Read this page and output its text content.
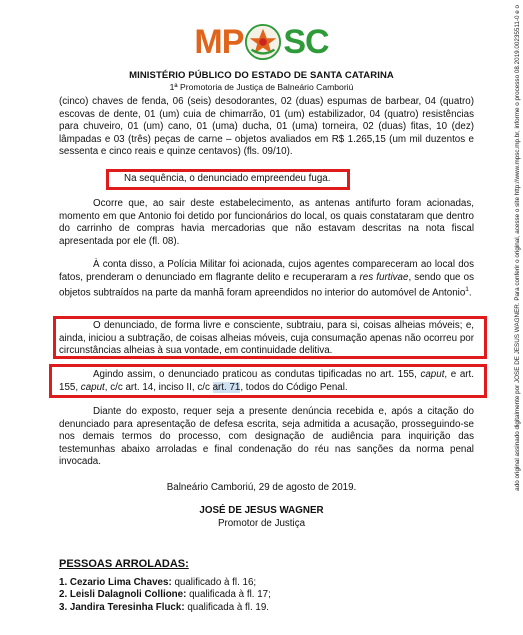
MP SC
MINISTÉRIO PÚBLICO DO ESTADO DE SANTA CATARINA
1ª Promotoria de Justiça de Balneário Camboriú
(cinco) chaves de fenda, 06 (seis) desodorantes, 02 (duas) espumas de barbear, 04 (quatro) escovas de dente, 01 (um) cuia de chimarrão, 01 (um) estabilizador, 04 (quatro) resistências para chuveiro, 01 (um) cano, 01 (uma) ducha, 01 (uma) torneira, 02 (duas) fitas, 10 (dez) lâmpadas e 03 (três) peças de carne – objetos avaliados em R$ 1.265,15 (um mil duzentos e sessenta e cinco reais e quinze centavos) (fls. 09/10).
Na sequência, o denunciado empreendeu fuga.
Ocorre que, ao sair deste estabelecimento, as antenas antifurto foram acionadas, momento em que Antonio foi detido por funcionários do local, os quais constataram que dentro do carrinho de compras havia mercadorias que não estavam descritas na nota fiscal apresentada por ele (fl. 08).
À conta disso, a Polícia Militar foi acionada, cujos agentes compareceram ao local dos fatos, prenderam o denunciado em flagrante delito e recuperaram a res furtivae, sendo que os objetos subtraídos na parte da manhã foram apreendidos no interior do automóvel de Antonio$^1$.
O denunciado, de forma livre e consciente, subtraiu, para si, coisas alheias móveis; e, ainda, iniciou a subtração, de coisas alheias móveis, cuja consumação apenas não ocorreu por circunstâncias alheias à sua vontade, em continuidade delitiva.
Agindo assim, o denunciado praticou as condutas tipificadas no art. 155, caput, e art. 155, caput, c/c art. 14, inciso II, c/c art. 71, todos do Código Penal.
Diante do exposto, requer seja a presente denúncia recebida e, após a citação do denunciado para apresentação de defesa escrita, seja admitida a acusação, prosseguindo-se nos demais termos do processo, com designação de audiência para inquirição das testemunhas abaixo arroladas e final condenação do réu nas sanções da norma penal invocada.
Balneário Camboriú, 29 de agosto de 2019.
JOSÉ DE JESUS WAGNER
Promotor de Justiça
PESSOAS ARROLADAS:
1. Cezario Lima Chaves: qualificado à fl. 16;
2. Leisli Dalagnoli Collione: qualificada à fl. 17;
3. Jandira Teresinha Fluck: qualificada à fl. 19.
ado original assinado digitalmente por JOSE DE JESUS WAGNER. Para conferir o original, acesse o site http://www.mpsc.mp.br, informe o processo 08.2019.00235511-0 e o
